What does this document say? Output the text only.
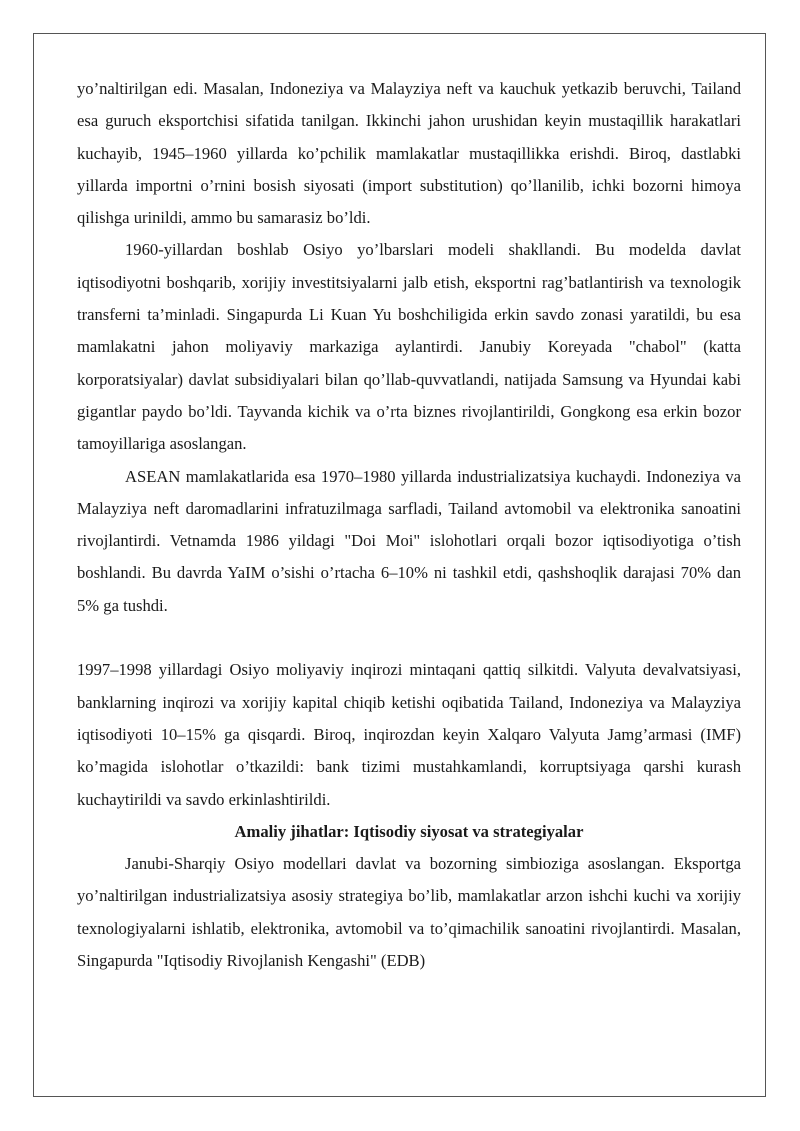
yo’naltirilgan edi. Masalan, Indoneziya va Malayziya neft va kauchuk yetkazib beruvchi, Tailand esa guruch eksportchisi sifatida tanilgan. Ikkinchi jahon urushidan keyin mustaqillik harakatlari kuchayib, 1945–1960 yillarda ko’pchilik mamlakatlar mustaqillikka erishdi. Biroq, dastlabki yillarda importni o’rnini bosish siyosati (import substitution) qo’llanilib, ichki bozorni himoya qilishga urinildi, ammo bu samarasiz bo’ldi.

1960-yillardan boshlab Osiyo yo’lbarslari modeli shakllandi. Bu modelda davlat iqtisodiyotni boshqarib, xorijiy investitsiyalarni jalb etish, eksportni rag’batlantirish va texnologik transferni ta’minladi. Singapurda Li Kuan Yu boshchiligida erkin savdo zonasi yaratildi, bu esa mamlakatni jahon moliyaviy markaziga aylantirdi. Janubiy Koreyada "chabol" (katta korporatsiyalar) davlat subsidiyalari bilan qo’llab-quvvatlandi, natijada Samsung va Hyundai kabi gigantlar paydo bo’ldi. Tayvanda kichik va o’rta biznes rivojlantirildi, Gongkong esa erkin bozor tamoyillariga asoslangan.

ASEAN mamlakatlarida esa 1970–1980 yillarda industrializatsiya kuchaydi. Indoneziya va Malayziya neft daromadlarini infratuzilmaga sarfladi, Tailand avtomobil va elektronika sanoatini rivojlantirdi. Vetnamda 1986 yildagi "Doi Moi" islohotlari orqali bozor iqtisodiyotiga o’tish boshlandi. Bu davrda YaIM o’sishi o’rtacha 6–10% ni tashkil etdi, qashshoqlik darajasi 70% dan 5% ga tushdi.

1997–1998 yillardagi Osiyo moliyaviy inqirozi mintaqani qattiq silkitdi. Valyuta devalvatsiyasi, banklarning inqirozi va xorijiy kapital chiqib ketishi oqibatida Tailand, Indoneziya va Malayziya iqtisodiyoti 10–15% ga qisqardi. Biroq, inqirozdan keyin Xalqaro Valyuta Jamg’armasi (IMF) ko’magida islohotlar o’tkazildi: bank tizimi mustahkamlandi, korruptsiyaga qarshi kurash kuchaytirildi va savdo erkinlashtirildi.

Amaliy jihatlar: Iqtisodiy siyosat va strategiyalar

Janubi-Sharqiy Osiyo modellari davlat va bozorning simbioziga asoslangan. Eksportga yo’naltirilgan industrializatsiya asosiy strategiya bo’lib, mamlakatlar arzon ishchi kuchi va xorijiy texnologiyalarni ishlatib, elektronika, avtomobil va to’qimachilik sanoatini rivojlantirdi. Masalan, Singapurda "Iqtisodiy Rivojlanish Kengashi" (EDB)
